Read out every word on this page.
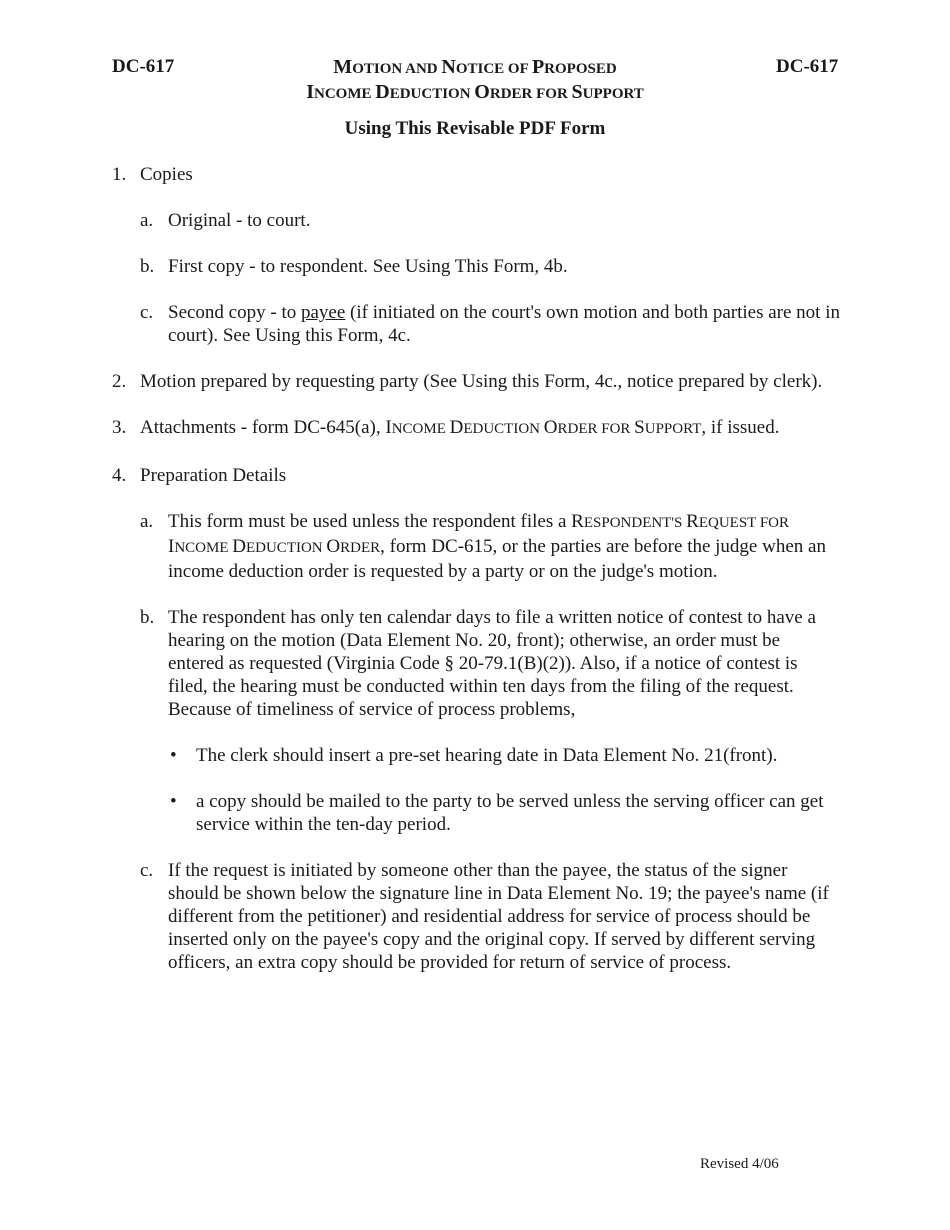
DC-617	DC-617
MOTION AND NOTICE OF PROPOSED
INCOME DEDUCTION ORDER FOR SUPPORT
Using This Revisable PDF Form
1. Copies
a. Original - to court.
b. First copy - to respondent. See Using This Form, 4b.
c. Second copy - to payee (if initiated on the court's own motion and both parties are not in court). See Using this Form, 4c.
2. Motion prepared by requesting party (See Using this Form, 4c., notice prepared by clerk).
3. Attachments - form DC-645(a), INCOME DEDUCTION ORDER FOR SUPPORT, if issued.
4. Preparation Details
a. This form must be used unless the respondent files a RESPONDENT'S REQUEST FOR INCOME DEDUCTION ORDER, form DC-615, or the parties are before the judge when an income deduction order is requested by a party or on the judge's motion.
b. The respondent has only ten calendar days to file a written notice of contest to have a hearing on the motion (Data Element No. 20, front); otherwise, an order must be entered as requested (Virginia Code § 20-79.1(B)(2)). Also, if a notice of contest is filed, the hearing must be conducted within ten days from the filing of the request. Because of timeliness of service of process problems,
• The clerk should insert a pre-set hearing date in Data Element No. 21(front).
• a copy should be mailed to the party to be served unless the serving officer can get service within the ten-day period.
c. If the request is initiated by someone other than the payee, the status of the signer should be shown below the signature line in Data Element No. 19; the payee's name (if different from the petitioner) and residential address for service of process should be inserted only on the payee's copy and the original copy. If served by different serving officers, an extra copy should be provided for return of service of process.
Revised 4/06
